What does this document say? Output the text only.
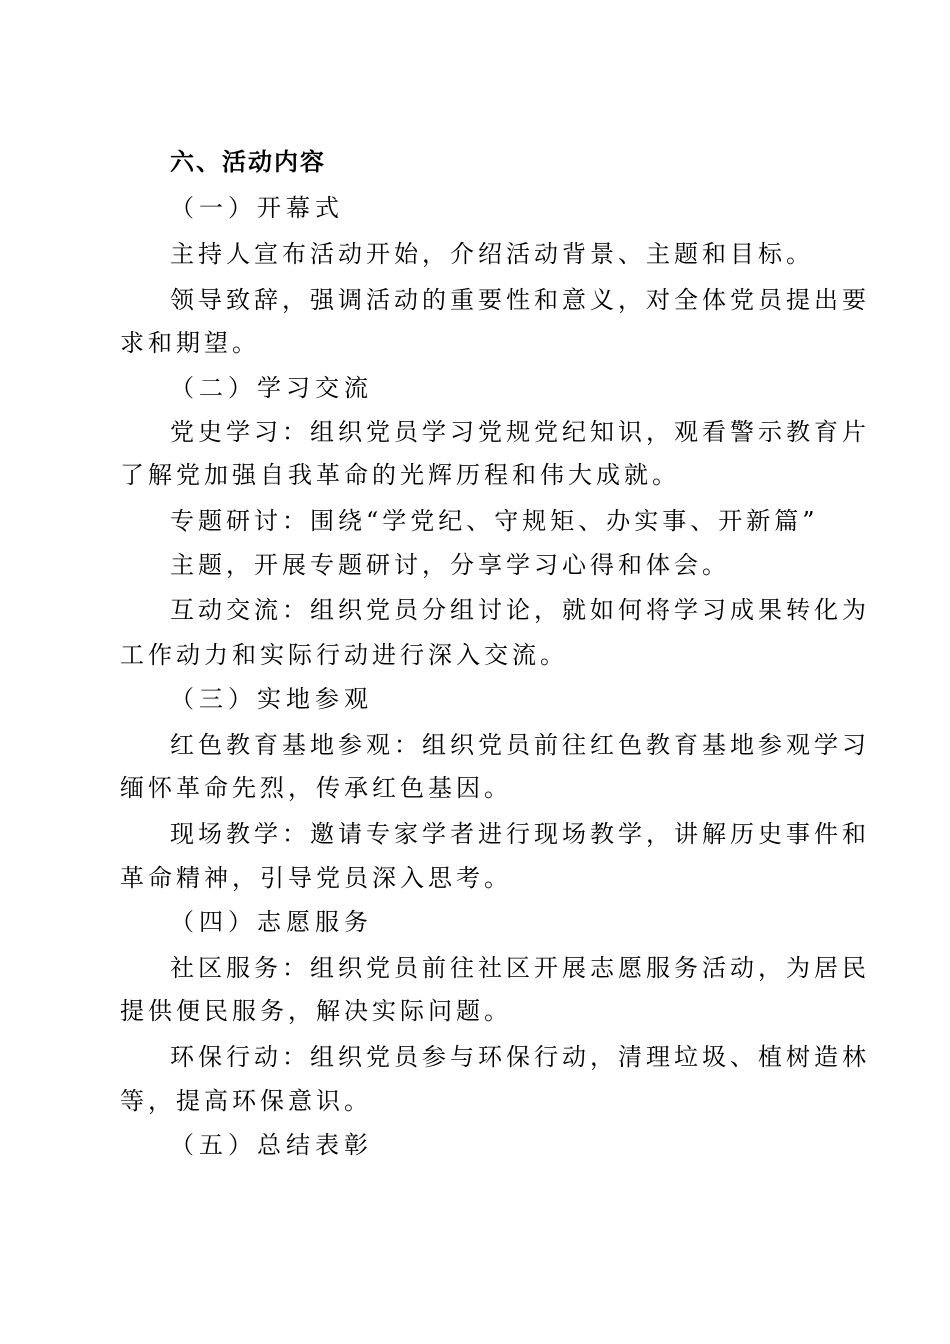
六、活动内容
（一）开幕式
主持人宣布活动开始，介绍活动背景、主题和目标。
领导致辞，强调活动的重要性和意义，对全体党员提出要
求和期望。
（二）学习交流
党史学习：组织党员学习党规党纪知识，观看警示教育片
了解党加强自我革命的光辉历程和伟大成就。
专题研讨：围绕“学党纪、守规矩、办实事、开新篇”
主题，开展专题研讨，分享学习心得和体会。
互动交流：组织党员分组讨论，就如何将学习成果转化为
工作动力和实际行动进行深入交流。
（三）实地参观
红色教育基地参观：组织党员前往红色教育基地参观学习
缅怀革命先烈，传承红色基因。
现场教学：邀请专家学者进行现场教学，讲解历史事件和
革命精神，引导党员深入思考。
（四）志愿服务
社区服务：组织党员前往社区开展志愿服务活动，为居民
提供便民服务，解决实际问题。
环保行动：组织党员参与环保行动，清理垃圾、植树造林
等，提高环保意识。
（五）总结表彰
